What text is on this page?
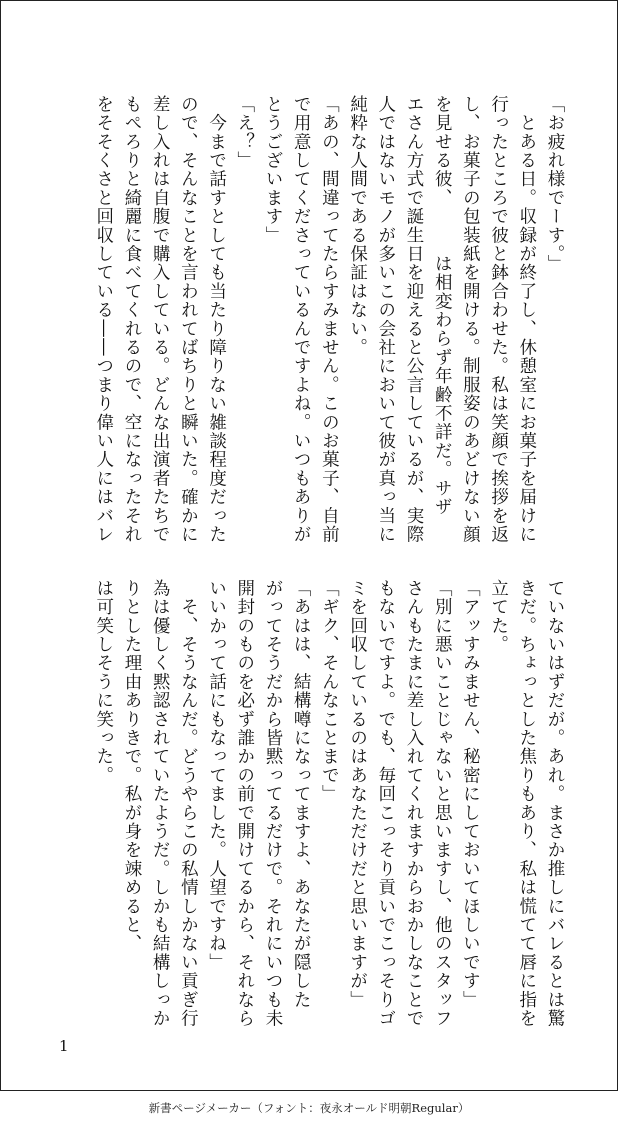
「お疲れ様でーす。」
　とある日。収録が終了し、休憩室にお菓子を届けに
行ったところで彼と鉢合わせた。私は笑顔で挨拶を返
し、お菓子の包装紙を開ける。制服姿のあどけない顔
を見せる彼、　　　は相変わらず年齢不詳だ。サザ
エさん方式で誕生日を迎えると公言しているが、実際
人ではないモノが多いこの会社において彼が真っ当に
純粋な人間である保証はない。
「あの、間違ってたらすみません。このお菓子、自前
で用意してくださっているんですよね。いつもありが
とうございます」
「え？」
　今まで話すとしても当たり障りない雑談程度だった
ので、そんなことを言われてばちりと瞬いた。確かに
差し入れは自腹で購入している。どんな出演者たちで
もぺろりと綺麗に食べてくれるので、空になったそれ
をそそくさと回収している――つまり偉い人にはバレ
ていないはずだが。あれ。まさか推しにバレるとは驚
きだ。ちょっとした焦りもあり、私は慌てて唇に指を
立てた。
「アッすみません、秘密にしておいてほしいです」
「別に悪いことじゃないと思いますし、他のスタッフ
さんもたまに差し入れてくれますからおかしなことで
もないですよ。でも、毎回こっそり貢いでこっそりゴ
ミを回収しているのはあなただけだと思いますが」
「ギク、そんなことまで」
「あはは、結構噂になってますよ、あなたが隠した
がってそうだから皆黙ってるだけで。それにいつも未
開封のものを必ず誰かの前で開けてるから、それなら
いいかって話にもなってました。人望ですね」
　そ、そうなんだ。どうやらこの私情しかない貢ぎ行
為は優しく黙認されていたようだ。しかも結構しっか
りとした理由ありきで。私が身を竦めると、
は可笑しそうに笑った。
1
新書ページメーカー（フォント：夜永オールド明朝Regular）
